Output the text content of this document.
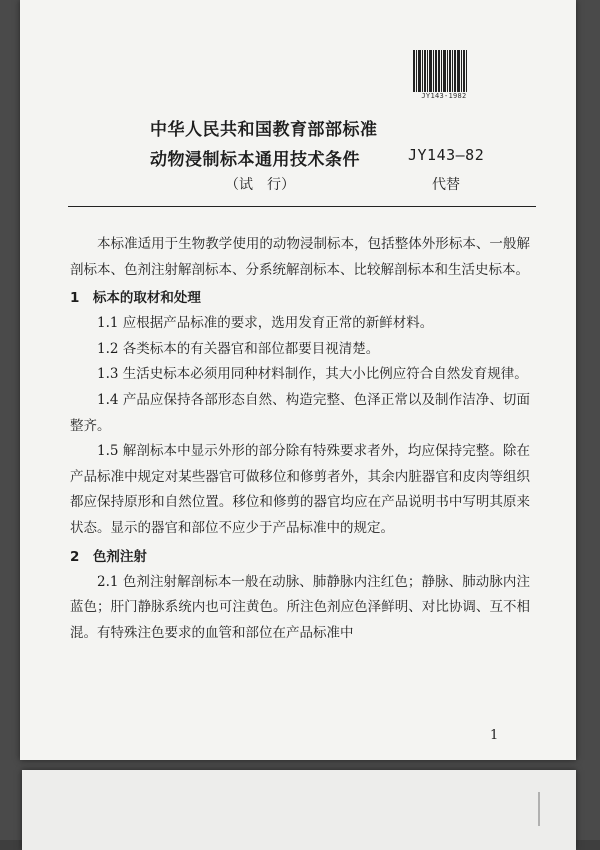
JY143-1982
中华人民共和国教育部部标准
动物浸制标本通用技术条件	JY143—82
（试　行）	代替

本标准适用于生物教学使用的动物浸制标本，包括整体外形标本、一般解剖标本、色剂注射解剖标本、分系统解剖标本、比较解剖标本和生活史标本。

1　标本的取材和处理

1.1 应根据产品标准的要求，选用发育正常的新鲜材料。

1.2 各类标本的有关器官和部位都要目视清楚。

1.3 生活史标本必须用同种材料制作，其大小比例应符合自然发育规律。

1.4 产品应保持各部形态自然、构造完整、色泽正常以及制作洁净、切面整齐。

1.5 解剖标本中显示外形的部分除有特殊要求者外，均应保持完整。除在产品标准中规定对某些器官可做移位和修剪者外，其余内脏器官和皮肉等组织都应保持原形和自然位置。移位和修剪的器官均应在产品说明书中写明其原来状态。显示的器官和部位不应少于产品标准中的规定。

2　色剂注射

2.1 色剂注射解剖标本一般在动脉、肺静脉内注红色；静脉、肺动脉内注蓝色；肝门静脉系统内也可注黄色。所注色剂应色泽鲜明、对比协调、互不相混。有特殊注色要求的血管和部位在产品标准中

1
